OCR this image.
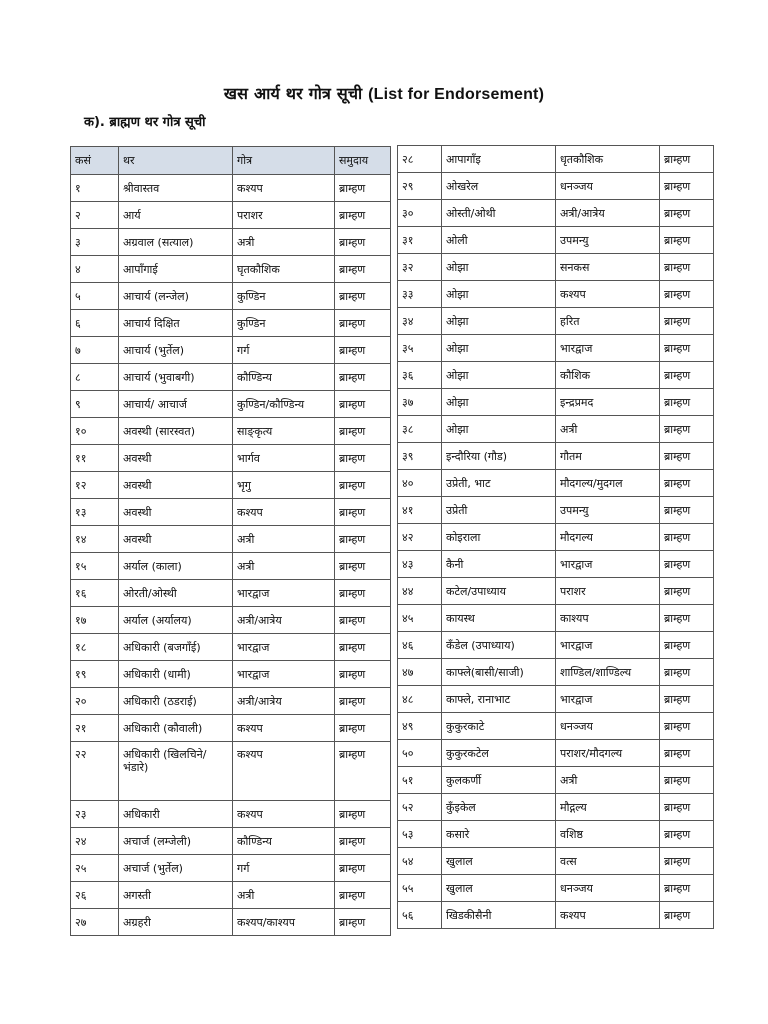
खस आर्य थर गोत्र सूची (List for Endorsement)
क). ब्राह्मण थर गोत्र सूची
कसं	थर	गोत्र	समुदाय
१	श्रीवास्तव	कश्यप	ब्राम्हण
२	आर्य	पराशर	ब्राम्हण
३	अग्रवाल (सत्याल)	अत्री	ब्राम्हण
४	आपाँगाई	घृतकौशिक	ब्राम्हण
५	आचार्य (लन्जेल)	कुण्डिन	ब्राम्हण
६	आचार्य दिक्षित	कुण्डिन	ब्राम्हण
७	आचार्य (भुर्तेल)	गर्ग	ब्राम्हण
८	आचार्य (भुवाबगी)	कौण्डिन्य	ब्राम्हण
९	आचार्य/ आचार्ज	कुण्डिन/कौण्डिन्य	ब्राम्हण
१०	अवस्थी (सारस्वत)	साङ्कृत्य	ब्राम्हण
११	अवस्थी	भार्गव	ब्राम्हण
१२	अवस्थी	भृगु	ब्राम्हण
१३	अवस्थी	कश्यप	ब्राम्हण
१४	अवस्थी	अत्री	ब्राम्हण
१५	अर्याल (काला)	अत्री	ब्राम्हण
१६	ओरती/ओस्थी	भारद्वाज	ब्राम्हण
१७	अर्याल (अर्यालय)	अत्री/आत्रेय	ब्राम्हण
१८	अधिकारी (बजगाँई)	भारद्वाज	ब्राम्हण
१९	अधिकारी (धामी)	भारद्वाज	ब्राम्हण
२०	अधिकारी (ठडराई)	अत्री/आत्रेय	ब्राम्हण
२१	अधिकारी (कौवाली)	कश्यप	ब्राम्हण
२२	अधिकारी (खिलचिने/ भंडारे)	कश्यप	ब्राम्हण
२३	अधिकारी	कश्यप	ब्राम्हण
२४	अचार्ज (लम्जेली)	कौण्डिन्य	ब्राम्हण
२५	अचार्ज (भुर्तेल)	गर्ग	ब्राम्हण
२६	अगस्ती	अत्री	ब्राम्हण
२७	अग्रहरी	कश्यप/काश्यप	ब्राम्हण
२८	आपागाँइ	धृतकौशिक	ब्राम्हण
२९	ओखरेल	धनञ्जय	ब्राम्हण
३०	ओस्ती/ओथी	अत्री/आत्रेय	ब्राम्हण
३१	ओली	उपमन्यु	ब्राम्हण
३२	ओझा	सनकस	ब्राम्हण
३३	ओझा	कश्यप	ब्राम्हण
३४	ओझा	हरित	ब्राम्हण
३५	ओझा	भारद्वाज	ब्राम्हण
३६	ओझा	कौशिक	ब्राम्हण
३७	ओझा	इन्द्रप्रमद	ब्राम्हण
३८	ओझा	अत्री	ब्राम्हण
३९	इन्दौरिया (गौड)	गौतम	ब्राम्हण
४०	उप्रेती, भाट	मौदगल्य/मुदगल	ब्राम्हण
४१	उप्रेती	उपमन्यु	ब्राम्हण
४२	कोइराला	मौदगल्य	ब्राम्हण
४३	कैनी	भारद्वाज	ब्राम्हण
४४	कटेल/उपाध्याय	पराशर	ब्राम्हण
४५	कायस्थ	काश्यप	ब्राम्हण
४६	कँडेल (उपाध्याय)	भारद्वाज	ब्राम्हण
४७	काफ्ले(बासी/साजी)	शाण्डिल/शाण्डिल्य	ब्राम्हण
४८	काफ्ले, रानाभाट	भारद्वाज	ब्राम्हण
४९	कुकुरकाटे	धनञ्जय	ब्राम्हण
५०	कुकुरकटेल	पराशर/मौदगल्य	ब्राम्हण
५१	कुलकर्णी	अत्री	ब्राम्हण
५२	कुँइकेल	मौद्गल्य	ब्राम्हण
५३	कसारे	वशिष्ठ	ब्राम्हण
५४	खुलाल	वत्स	ब्राम्हण
५५	खुलाल	धनञ्जय	ब्राम्हण
५६	खिडकीसैनी	कश्यप	ब्राम्हण
